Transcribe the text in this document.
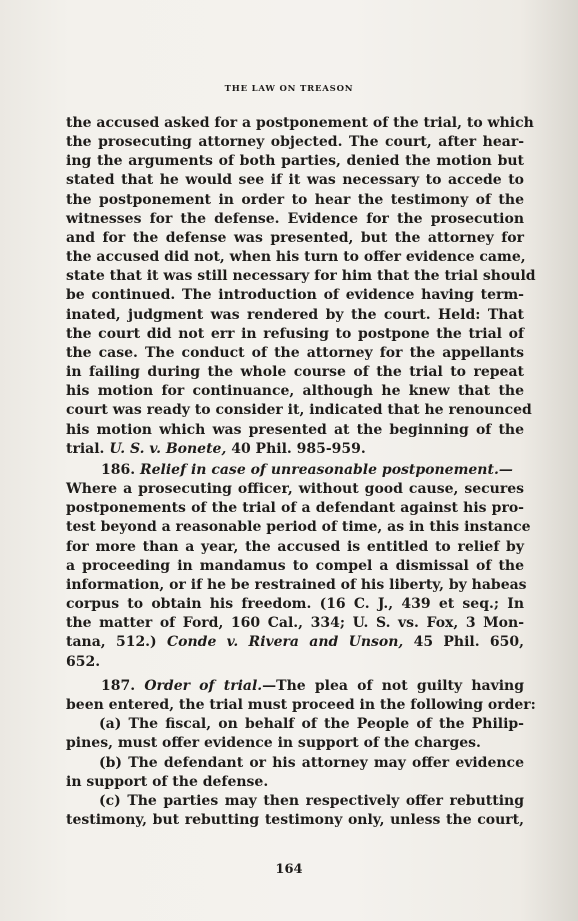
THE LAW ON TREASON
the accused asked for a postponement of the trial, to which
the prosecuting attorney objected. The court, after hear-
ing the arguments of both parties, denied the motion but
stated that he would see if it was necessary to accede to
the postponement in order to hear the testimony of the
witnesses for the defense. Evidence for the prosecution
and for the defense was presented, but the attorney for
the accused did not, when his turn to offer evidence came,
state that it was still necessary for him that the trial should
be continued. The introduction of evidence having term-
inated, judgment was rendered by the court. Held: That
the court did not err in refusing to postpone the trial of
the case. The conduct of the attorney for the appellants
in failing during the whole course of the trial to repeat
his motion for continuance, although he knew that the
court was ready to consider it, indicated that he renounced
his motion which was presented at the beginning of the
trial. U. S. v. Bonete, 40 Phil. 985-959.
186. Relief in case of unreasonable postponement.—
Where a prosecuting officer, without good cause, secures
postponements of the trial of a defendant against his pro-
test beyond a reasonable period of time, as in this instance
for more than a year, the accused is entitled to relief by
a proceeding in mandamus to compel a dismissal of the
information, or if he be restrained of his liberty, by habeas
corpus to obtain his freedom. (16 C. J., 439 et seq.; In
the matter of Ford, 160 Cal., 334; U. S. vs. Fox, 3 Mon-
tana, 512.) Conde v. Rivera and Unson, 45 Phil. 650,
652.
187. Order of trial.—The plea of not guilty having
been entered, the trial must proceed in the following order:
(a) The fiscal, on behalf of the People of the Philip-
pines, must offer evidence in support of the charges.
(b) The defendant or his attorney may offer evidence
in support of the defense.
(c) The parties may then respectively offer rebutting
testimony, but rebutting testimony only, unless the court,
164
